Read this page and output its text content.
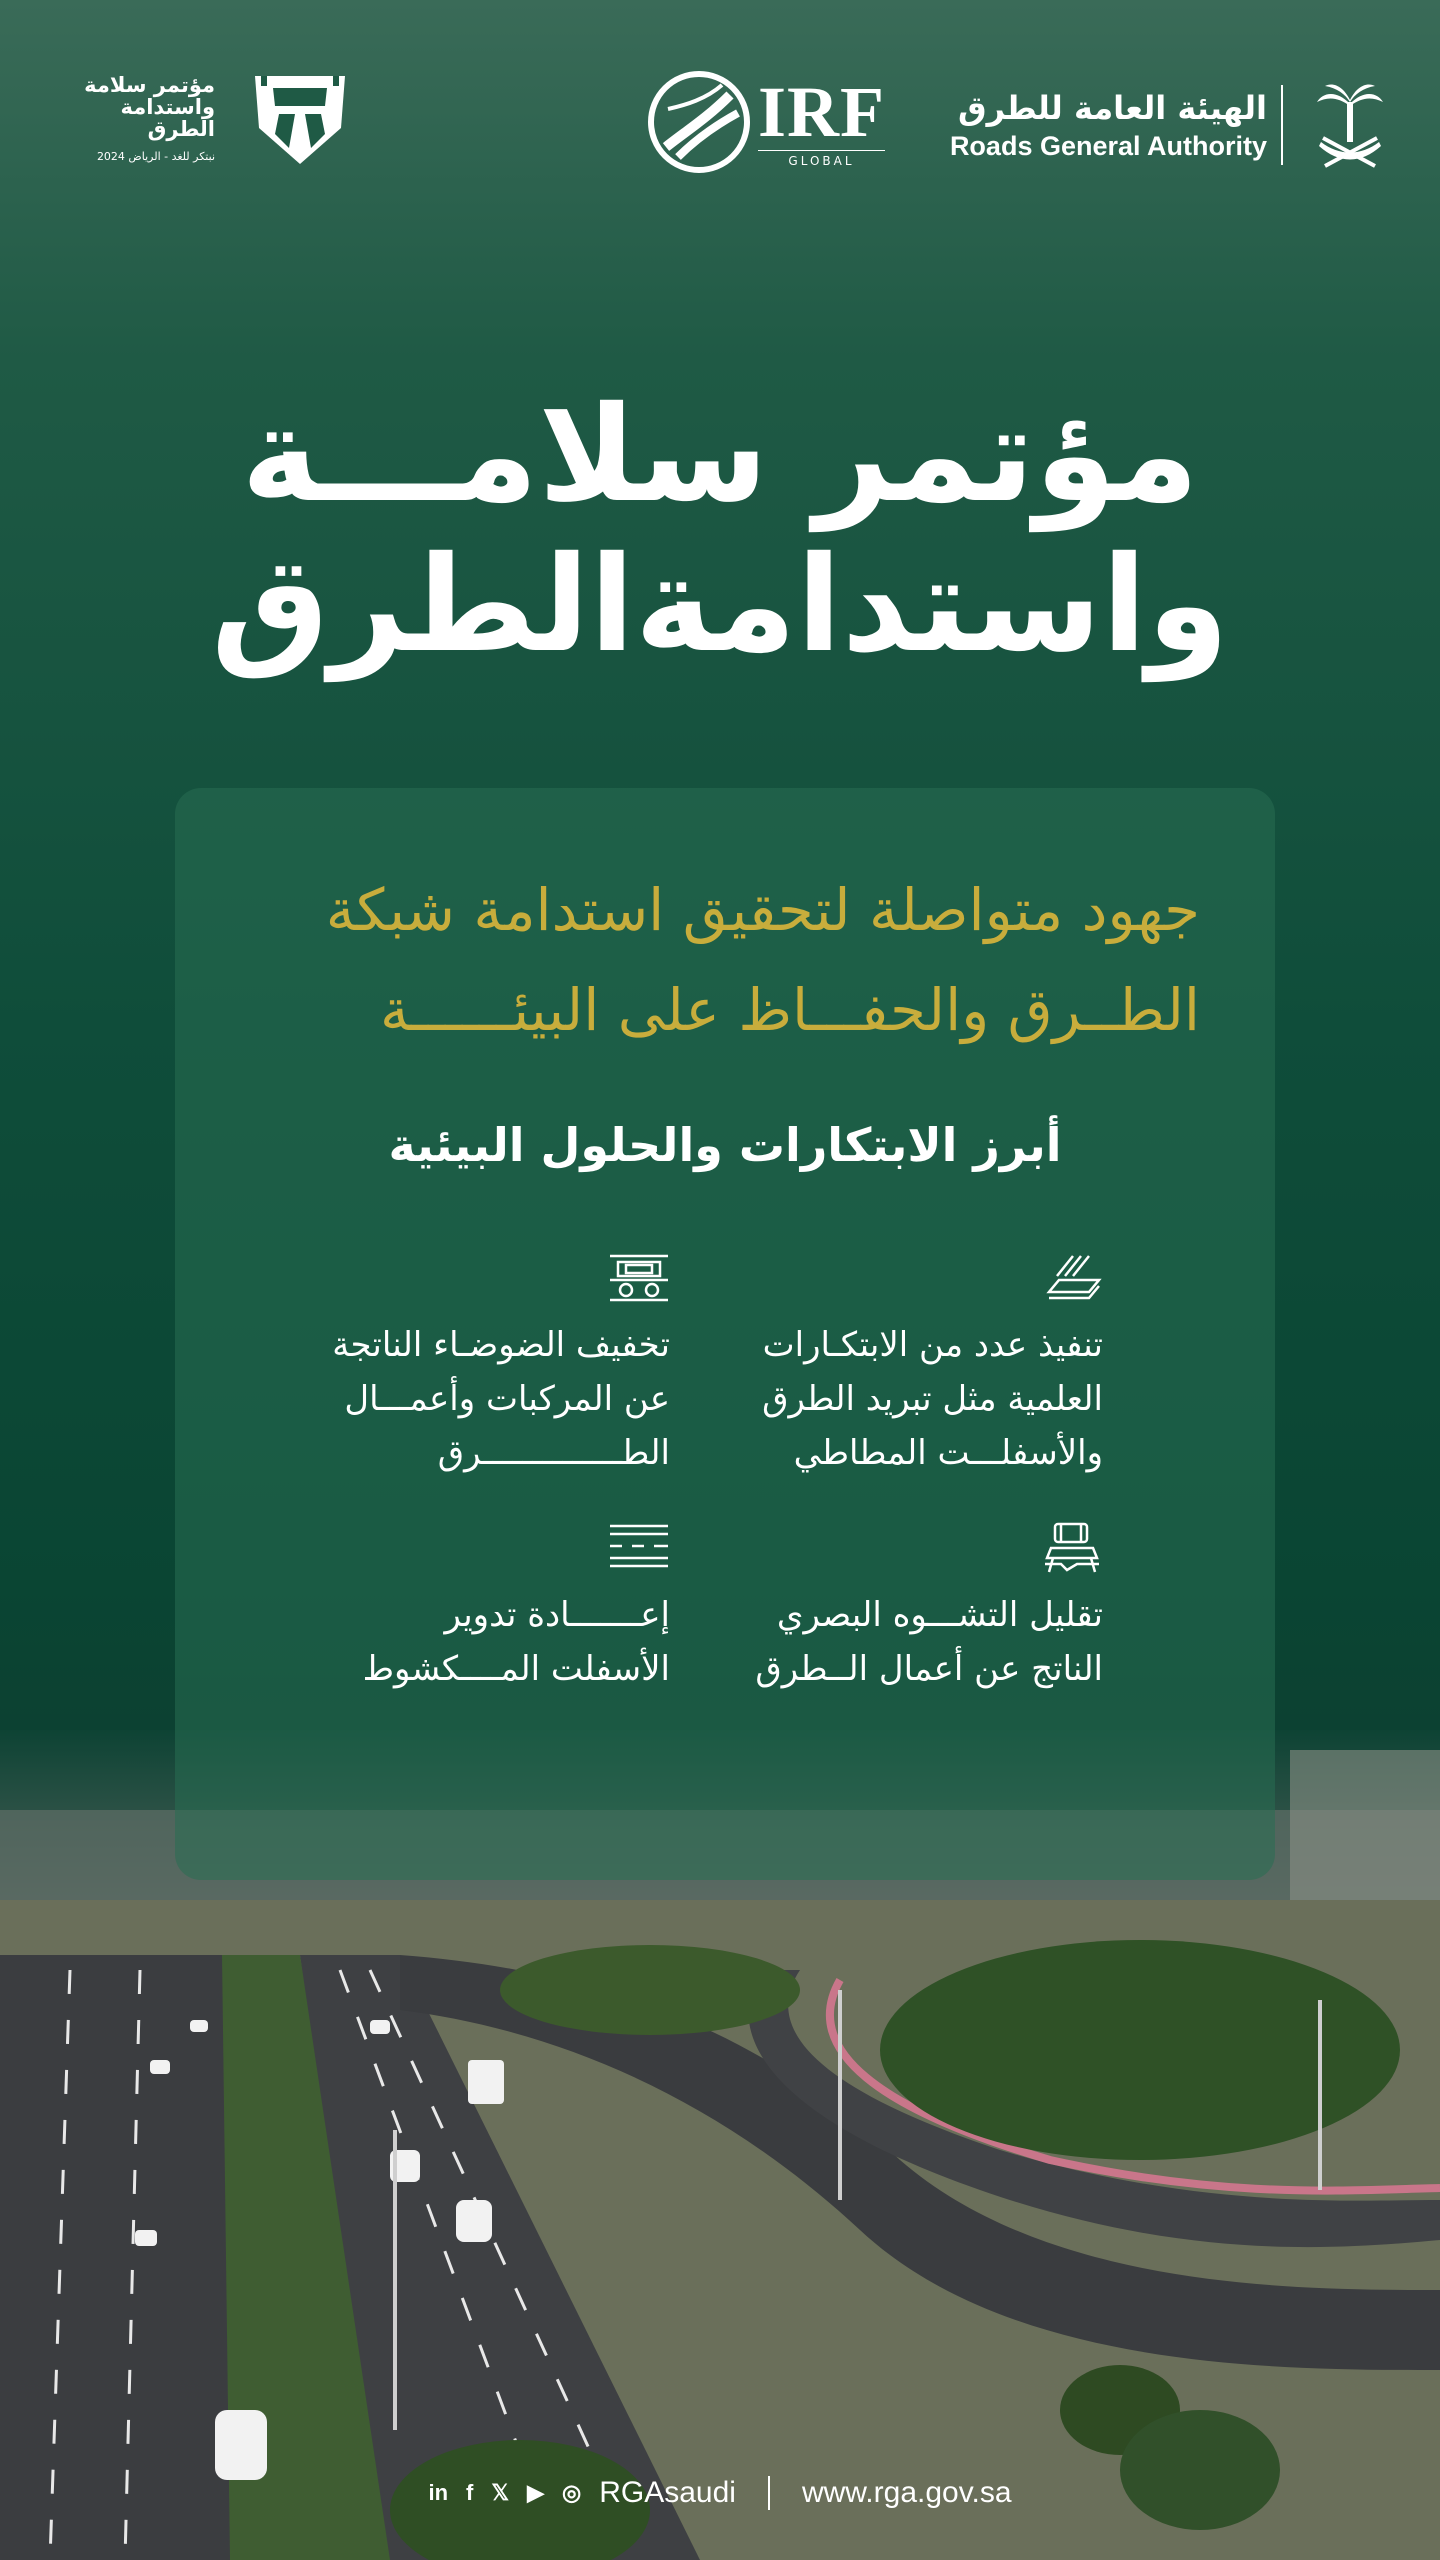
مؤتمر سلامة
واستدامة
الطرق
نبتكر للغد - الرياض 2024
IRF
GLOBAL
الهيئة العامة للطرق
Roads General Authority
مؤتمر سلامـــة
واستدامةالطرق
جهود متواصلة لتحقيق استدامة شبكة
الطــرق والحفـــاظ على البيئــــــة
أبرز الابتكارات والحلول البيئية
تنفيذ عدد من الابتكـارات
العلمية مثل تبريد الطرق
والأسفلـــت المطاطي
تخفيف الضوضـاء الناتجة
عن المركبات وأعمـــال
الطــــــــــــــرق
تقليل التشـــوه البصري
الناتج عن أعمال الــطرق
إعـــــــادة تدوير
الأسفلت المــــكشوط
in f 𝕏 ▶ ◎ RGAsaudi www.rga.gov.sa
